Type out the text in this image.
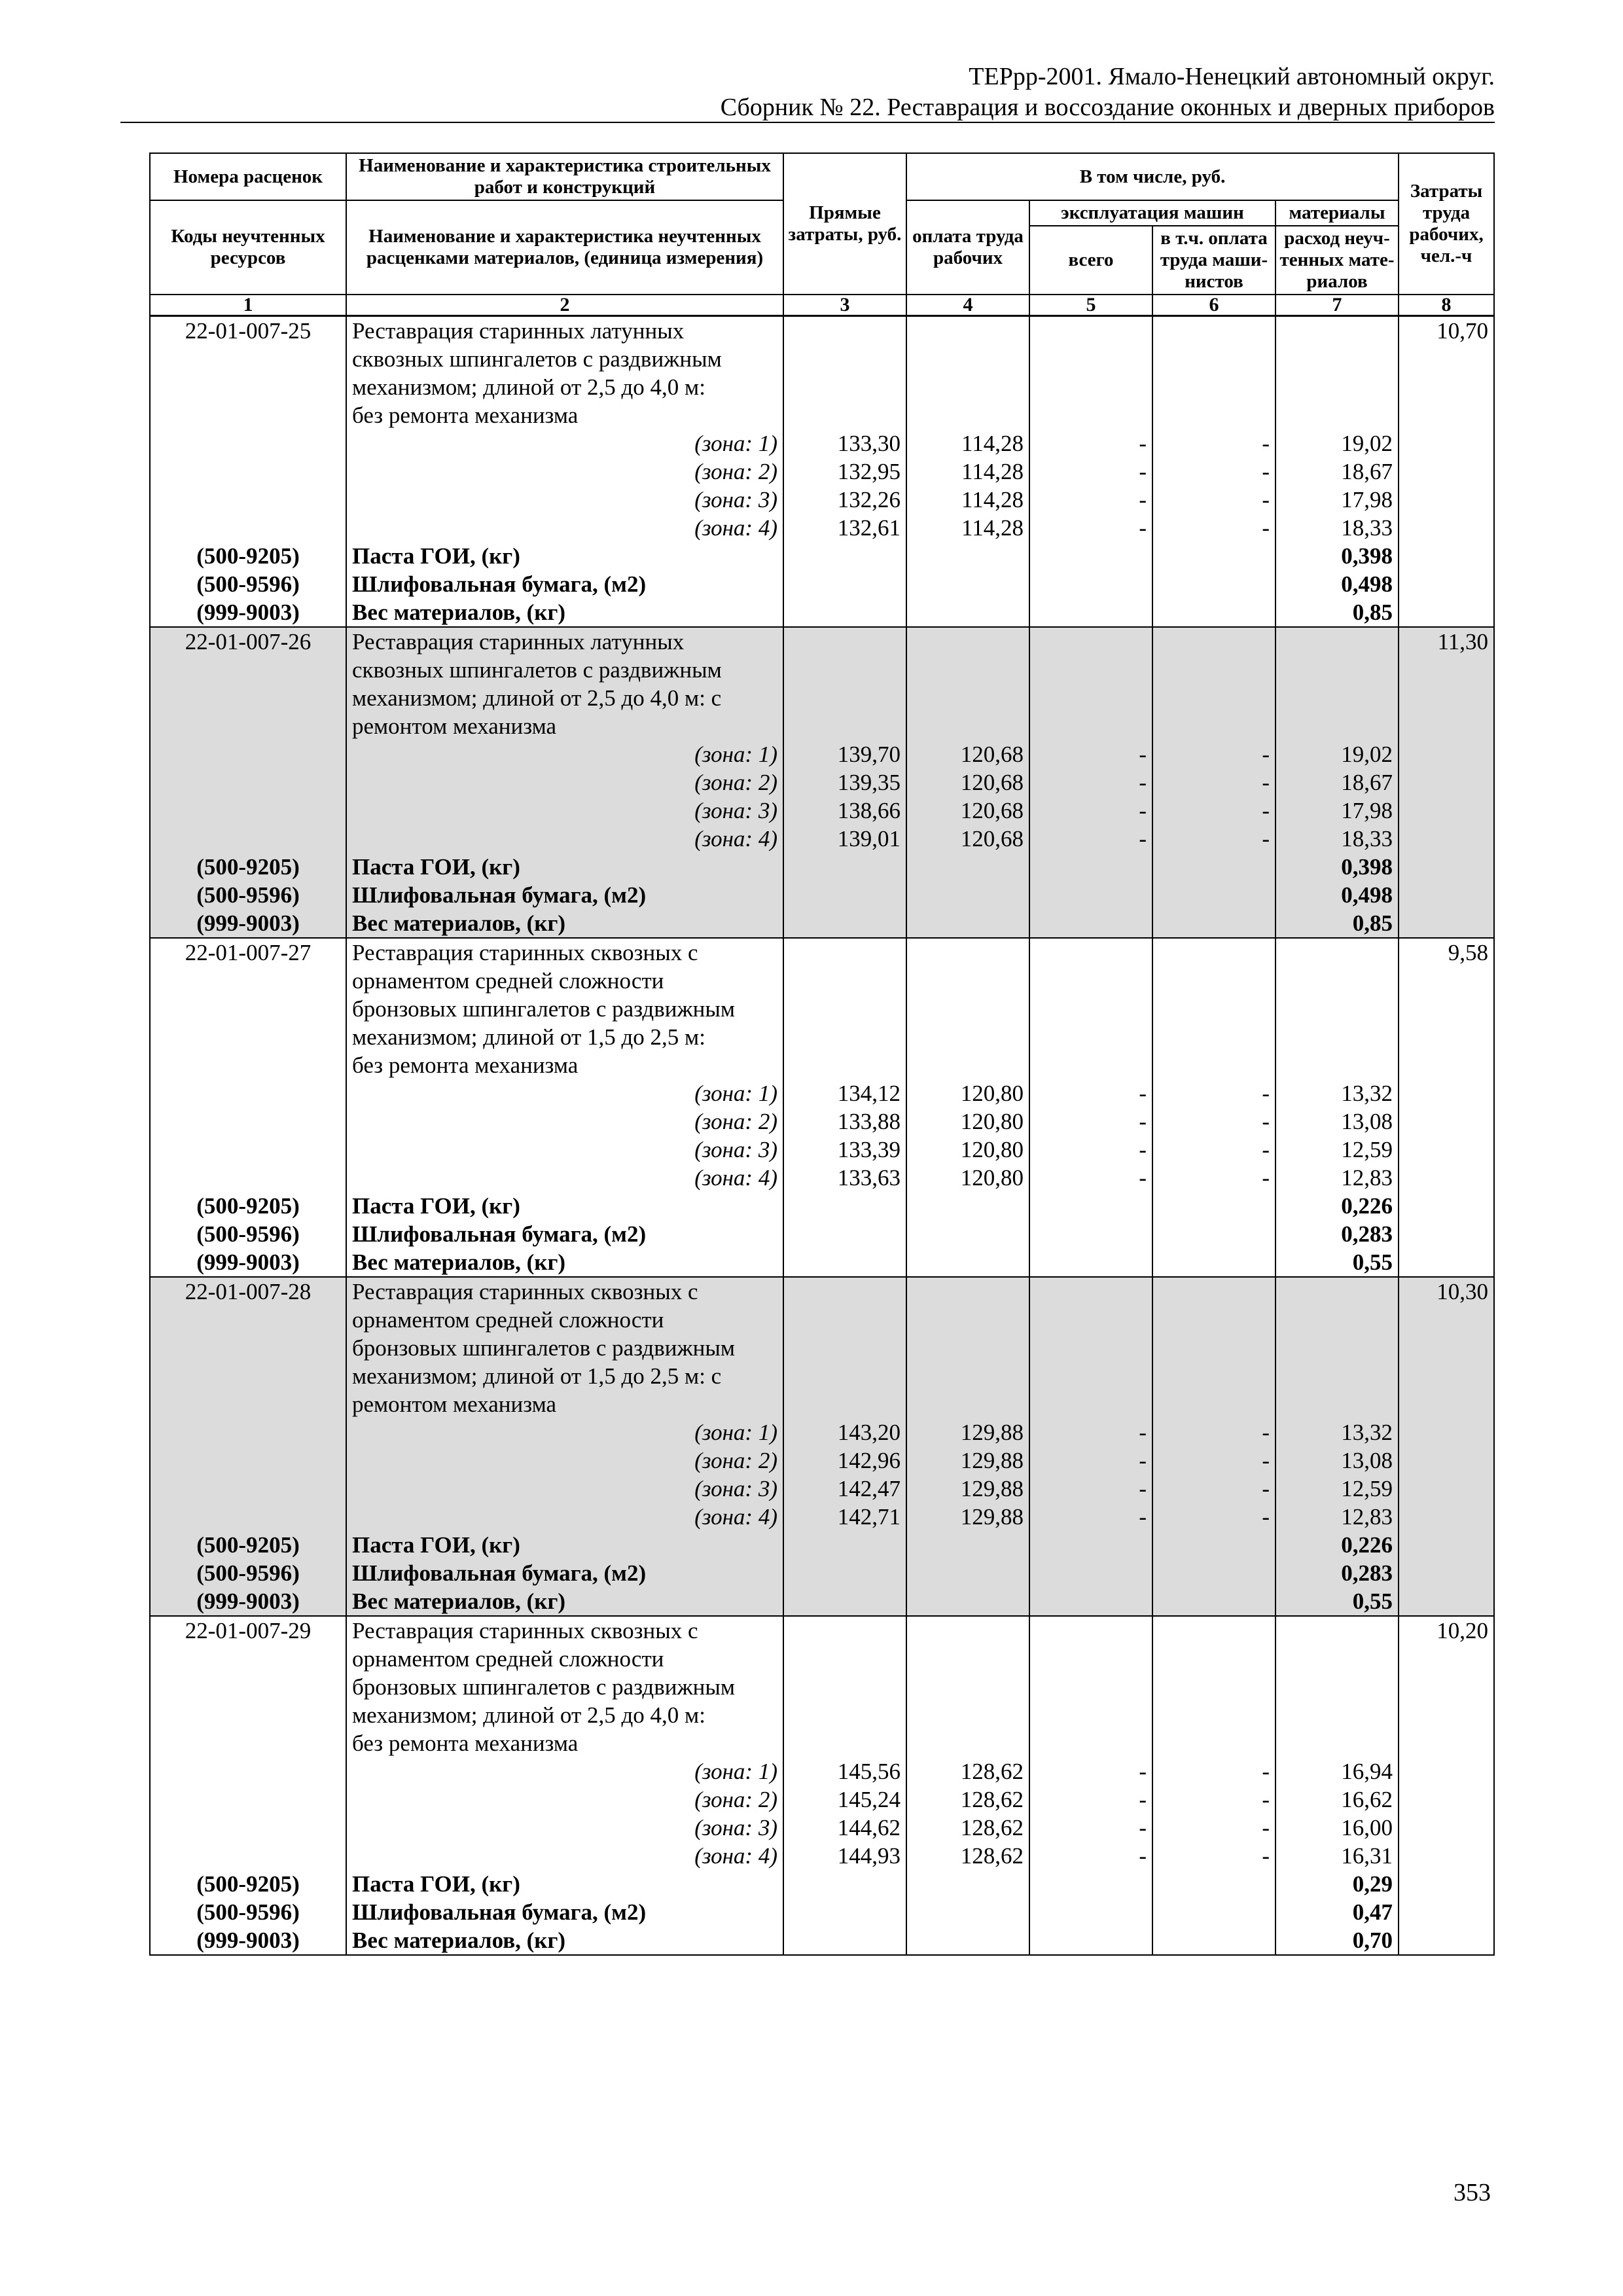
ТЕРрр-2001. Ямало-Ненецкий автономный округ.
Сборник № 22. Реставрация и воссоздание оконных и дверных приборов
Номера расценок	Наименование и характеристика строительных работ и конструкций	Прямые затраты, руб.	В том числе, руб.				Затраты труда рабочих, чел.-ч
Коды неучтенных ресурсов	Наименование и характеристика неучтенных расценками материалов, (единица измерения)		оплата труда рабочих	эксплуатация машин		материалы	
				всего	в т.ч. оплата труда маши-нистов	расход неуч-тенных мате-риалов	
1	2	3	4	5	6	7	8
22-01-007-25	Реставрация старинных латунных						10,70
	сквозных шпингалетов с раздвижным						
	механизмом; длиной от 2,5 до 4,0 м:						
	без ремонта механизма						
	(зона: 1)	133,30	114,28	-	-	19,02	
	(зона: 2)	132,95	114,28	-	-	18,67	
	(зона: 3)	132,26	114,28	-	-	17,98	
	(зона: 4)	132,61	114,28	-	-	18,33	
(500-9205)	Паста ГОИ, (кг)					0,398	
(500-9596)	Шлифовальная бумага, (м2)					0,498	
(999-9003)	Вес материалов, (кг)					0,85	
22-01-007-26	Реставрация старинных латунных						11,30
	сквозных шпингалетов с раздвижным						
	механизмом; длиной от 2,5 до 4,0 м: с						
	ремонтом механизма						
	(зона: 1)	139,70	120,68	-	-	19,02	
	(зона: 2)	139,35	120,68	-	-	18,67	
	(зона: 3)	138,66	120,68	-	-	17,98	
	(зона: 4)	139,01	120,68	-	-	18,33	
(500-9205)	Паста ГОИ, (кг)					0,398	
(500-9596)	Шлифовальная бумага, (м2)					0,498	
(999-9003)	Вес материалов, (кг)					0,85	
22-01-007-27	Реставрация старинных сквозных с						9,58
	орнаментом средней сложности						
	бронзовых шпингалетов с раздвижным						
	механизмом; длиной от 1,5 до 2,5 м:						
	без ремонта механизма						
	(зона: 1)	134,12	120,80	-	-	13,32	
	(зона: 2)	133,88	120,80	-	-	13,08	
	(зона: 3)	133,39	120,80	-	-	12,59	
	(зона: 4)	133,63	120,80	-	-	12,83	
(500-9205)	Паста ГОИ, (кг)					0,226	
(500-9596)	Шлифовальная бумага, (м2)					0,283	
(999-9003)	Вес материалов, (кг)					0,55	
22-01-007-28	Реставрация старинных сквозных с						10,30
	орнаментом средней сложности						
	бронзовых шпингалетов с раздвижным						
	механизмом; длиной от 1,5 до 2,5 м: с						
	ремонтом механизма						
	(зона: 1)	143,20	129,88	-	-	13,32	
	(зона: 2)	142,96	129,88	-	-	13,08	
	(зона: 3)	142,47	129,88	-	-	12,59	
	(зона: 4)	142,71	129,88	-	-	12,83	
(500-9205)	Паста ГОИ, (кг)					0,226	
(500-9596)	Шлифовальная бумага, (м2)					0,283	
(999-9003)	Вес материалов, (кг)					0,55	
22-01-007-29	Реставрация старинных сквозных с						10,20
	орнаментом средней сложности						
	бронзовых шпингалетов с раздвижным						
	механизмом; длиной от 2,5 до 4,0 м:						
	без ремонта механизма						
	(зона: 1)	145,56	128,62	-	-	16,94	
	(зона: 2)	145,24	128,62	-	-	16,62	
	(зона: 3)	144,62	128,62	-	-	16,00	
	(зона: 4)	144,93	128,62	-	-	16,31	
(500-9205)	Паста ГОИ, (кг)					0,29	
(500-9596)	Шлифовальная бумага, (м2)					0,47	
(999-9003)	Вес материалов, (кг)					0,70	
353
